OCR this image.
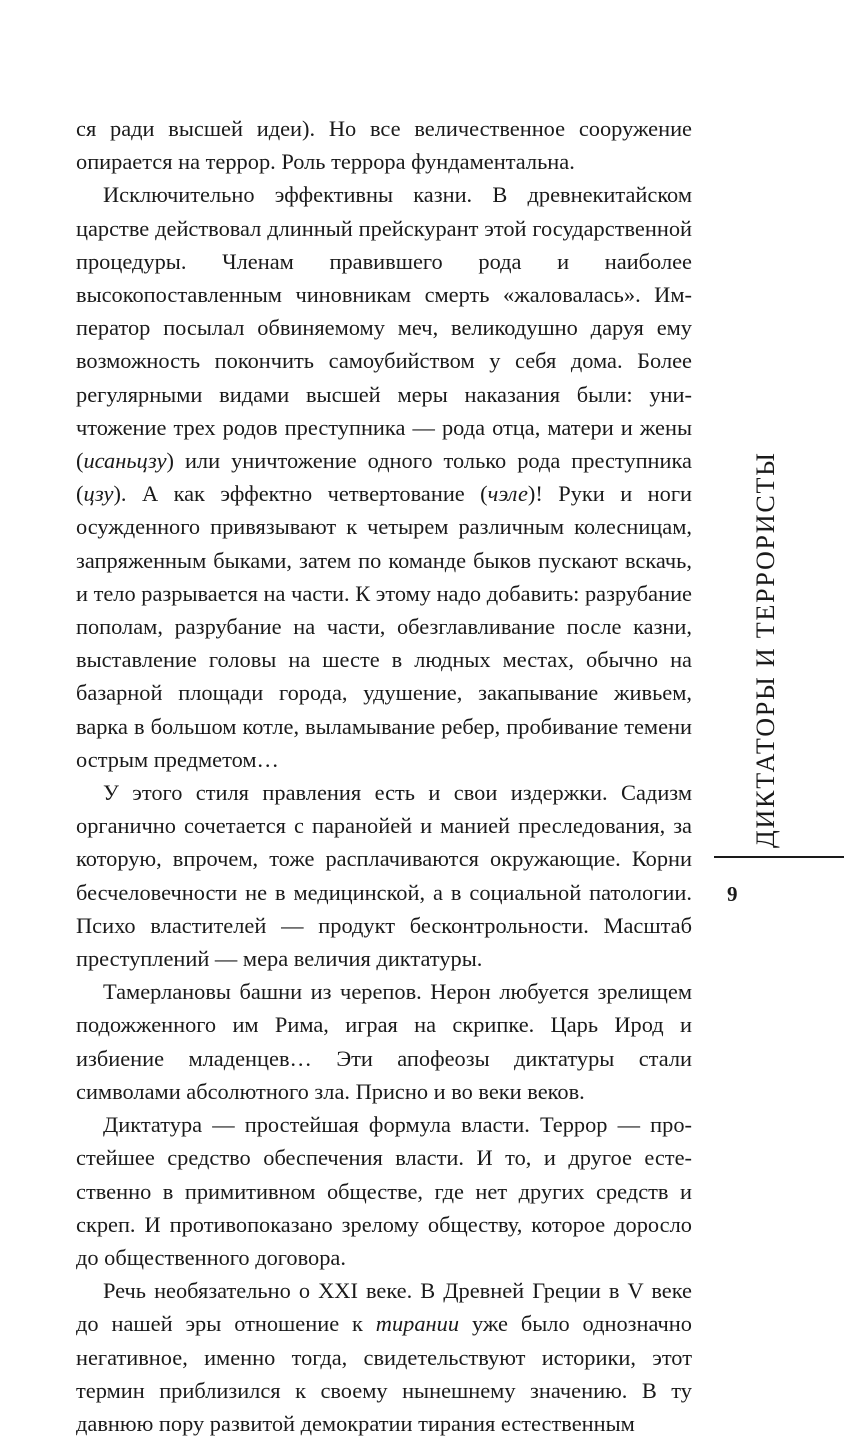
ся ради высшей идеи). Но все величественное сооружение опирается на террор. Роль террора фундаментальна.

Исключительно эффективны казни. В древнекитайском царстве действовал длинный прейскурант этой государственной процедуры. Членам правившего рода и наиболее высокопоставленным чиновникам смерть «жаловалась». Император посылал обвиняемому меч, великодушно даруя ему возможность покончить самоубийством у себя дома. Более регулярными видами высшей меры наказания были: уничтожение трех родов преступника — рода отца, матери и жены (исаньцзу) или уничтожение одного только рода преступника (цзу). А как эффектно четвертование (чэле)! Руки и ноги осужденного привязывают к четырем различным колесницам, запряженным быками, затем по команде быков пускают вскачь, и тело разрывается на части. К этому надо добавить: разрубание пополам, разрубание на части, обезглавливание после казни, выставление головы на шесте в людных местах, обычно на базарной площади города, удушение, закапывание живьем, варка в большом котле, выламывание ребер, пробивание темени острым предметом…

У этого стиля правления есть и свои издержки. Садизм органично сочетается с паранойей и манией преследования, за которую, впрочем, тоже расплачиваются окружающие. Корни бесчеловечности не в медицинской, а в социальной патологии. Психо властителей — продукт бесконтрольности. Масштаб преступлений — мера величия диктатуры.

Тамерлановы башни из черепов. Нерон любуется зрелищем подожженного им Рима, играя на скрипке. Царь Ирод и избиение младенцев… Эти апофеозы диктатуры стали символами абсолютного зла. Присно и во веки веков.

Диктатура — простейшая формула власти. Террор — простейшее средство обеспечения власти. И то, и другое естественно в примитивном обществе, где нет других средств и скреп. И противопоказано зрелому обществу, которое доросло до общественного договора.

Речь необязательно о XXI веке. В Древней Греции в V веке до нашей эры отношение к тирании уже было однозначно негативное, именно тогда, свидетельствуют историки, этот термин приблизился к своему нынешнему значению. В ту давнюю пору развитой демократии тирания естественным

ДИКТАТОРЫ И ТЕРРОРИСТЫ
9
